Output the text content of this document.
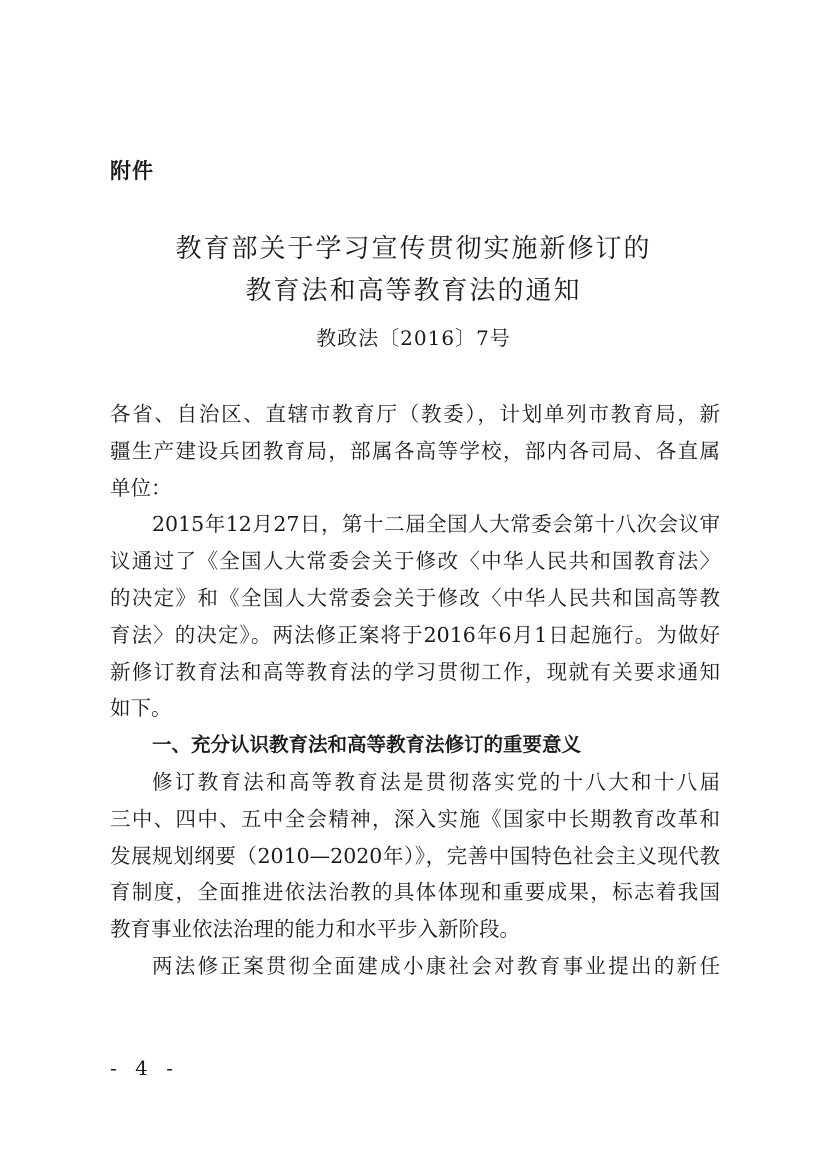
附件
教育部关于学习宣传贯彻实施新修订的
教育法和高等教育法的通知
教政法〔2016〕7号
各省、自治区、直辖市教育厅（教委），计划单列市教育局，新
疆生产建设兵团教育局，部属各高等学校，部内各司局、各直属
单位：
2015年12月27日，第十二届全国人大常委会第十八次会议审
议通过了《全国人大常委会关于修改〈中华人民共和国教育法〉
的决定》和《全国人大常委会关于修改〈中华人民共和国高等教
育法〉的决定》。两法修正案将于2016年6月1日起施行。为做好
新修订教育法和高等教育法的学习贯彻工作，现就有关要求通知
如下。
一、充分认识教育法和高等教育法修订的重要意义
修订教育法和高等教育法是贯彻落实党的十八大和十八届
三中、四中、五中全会精神，深入实施《国家中长期教育改革和
发展规划纲要（2010—2020年）》，完善中国特色社会主义现代教
育制度，全面推进依法治教的具体体现和重要成果，标志着我国
教育事业依法治理的能力和水平步入新阶段。
两法修正案贯彻全面建成小康社会对教育事业提出的新任
- 4 -
